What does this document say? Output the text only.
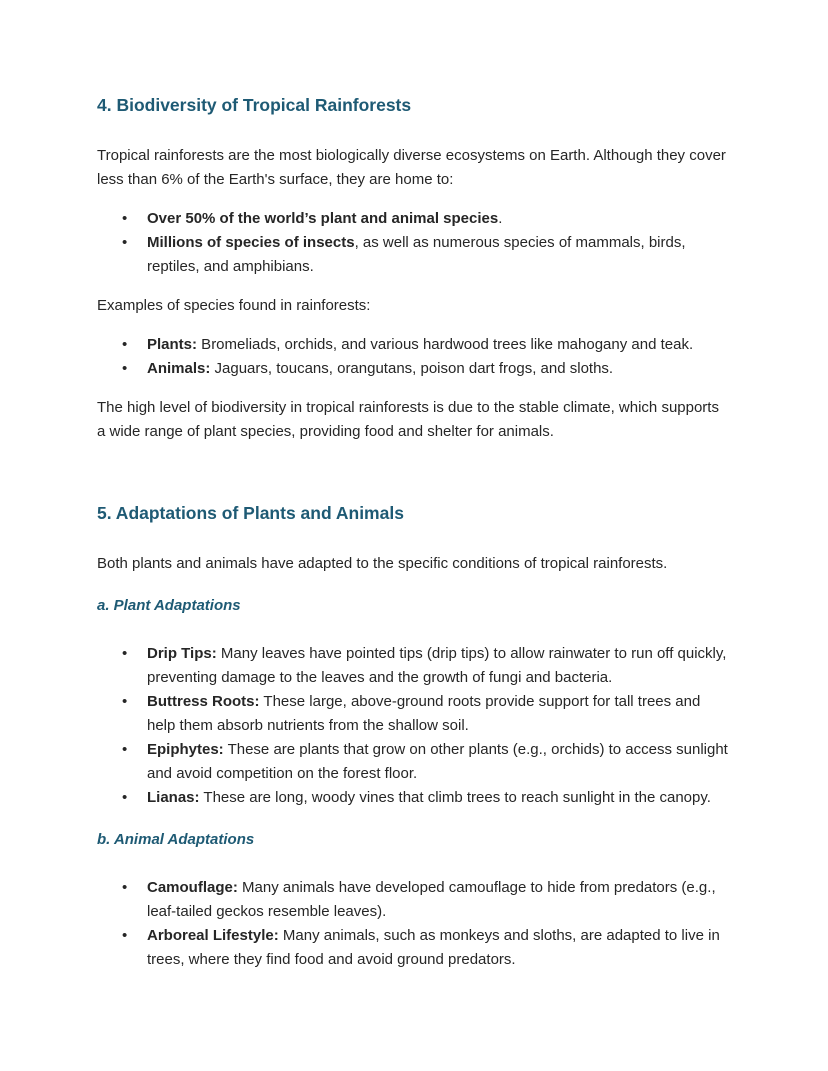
4. Biodiversity of Tropical Rainforests

Tropical rainforests are the most biologically diverse ecosystems on Earth. Although they cover less than 6% of the Earth's surface, they are home to:

• Over 50% of the world’s plant and animal species.
• Millions of species of insects, as well as numerous species of mammals, birds, reptiles, and amphibians.

Examples of species found in rainforests:

• Plants: Bromeliads, orchids, and various hardwood trees like mahogany and teak.
• Animals: Jaguars, toucans, orangutans, poison dart frogs, and sloths.

The high level of biodiversity in tropical rainforests is due to the stable climate, which supports a wide range of plant species, providing food and shelter for animals.

5. Adaptations of Plants and Animals

Both plants and animals have adapted to the specific conditions of tropical rainforests.

a. Plant Adaptations
• Drip Tips: Many leaves have pointed tips (drip tips) to allow rainwater to run off quickly, preventing damage to the leaves and the growth of fungi and bacteria.
• Buttress Roots: These large, above-ground roots provide support for tall trees and help them absorb nutrients from the shallow soil.
• Epiphytes: These are plants that grow on other plants (e.g., orchids) to access sunlight and avoid competition on the forest floor.
• Lianas: These are long, woody vines that climb trees to reach sunlight in the canopy.
b. Animal Adaptations
• Camouflage: Many animals have developed camouflage to hide from predators (e.g., leaf-tailed geckos resemble leaves).
• Arboreal Lifestyle: Many animals, such as monkeys and sloths, are adapted to live in trees, where they find food and avoid ground predators.
